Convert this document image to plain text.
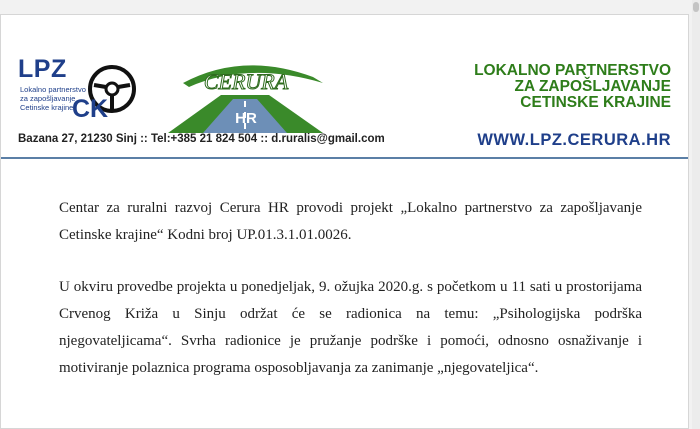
LPZ
Lokalno partnerstvo
za zapošljavanje
Cetinske krajine
CK
CERURA
HR
Bazana 27, 21230 Sinj :: Tel:+385 21 824 504 :: d.ruralis@gmail.com
LOKALNO PARTNERSTVO
ZA ZAPOŠLJAVANJE
CETINSKE KRAJINE
WWW.LPZ.CERURA.HR

Centar za ruralni razvoj Cerura HR provodi projekt „Lokalno partnerstvo za zapošljavanje Cetinske krajine“ Kodni broj UP.01.3.1.01.0026.

U okviru provedbe projekta u ponedjeljak, 9. ožujka 2020.g. s početkom u 11 sati u prostorijama Crvenog Križa u Sinju održat će se radionica na temu: „Psihologijska podrška njegovateljicama“. Svrha radionice je pružanje podrške i pomoći, odnosno osnaživanje i motiviranje polaznica programa osposobljavanja za zanimanje „njegovateljica“.
